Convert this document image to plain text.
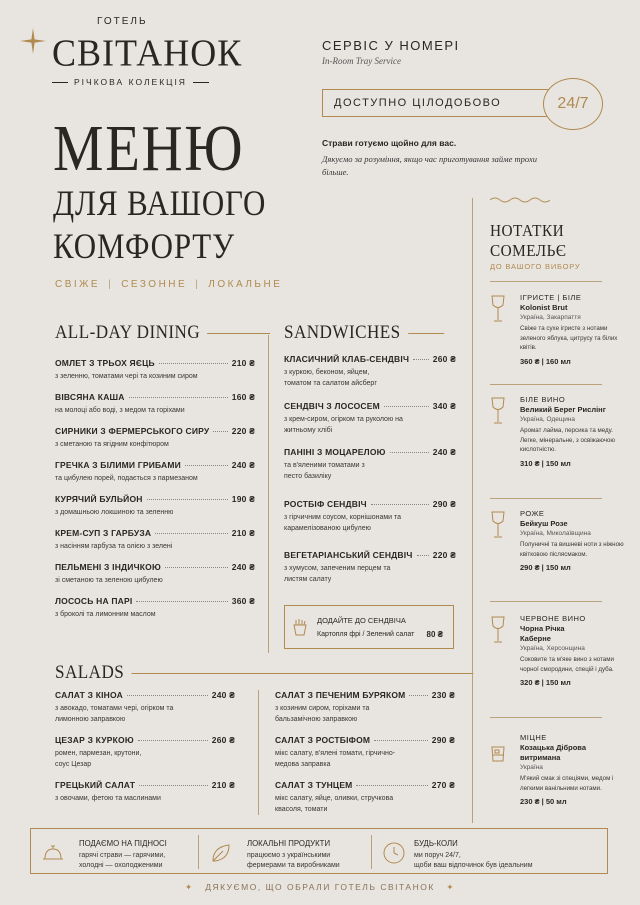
ГОТЕЛЬ
СВІТАНОК
РІЧКОВА КОЛЕКЦІЯ
МЕНЮ
ДЛЯ ВАШОГО
КОМФОРТУ
СВІЖЕ | СЕЗОННЕ | ЛОКАЛЬНЕ
СЕРВІС У НОМЕРІ
In-Room Tray Service
ДОСТУПНО ЦІЛОДОБОВО	24/7
Страви готуємо щойно для вас.
Дякуємо за розуміння, якщо час приготування займе трохи більше.
ALL-DAY DINING
ОМЛЕТ З ТРЬОХ ЯЄЦЬ	210 ₴
з зеленню, томатами чері та козиним сиром
ВІВСЯНА КАША	160 ₴
на молоці або воді, з медом та горіхами
СИРНИКИ З ФЕРМЕРСЬКОГО СИРУ	220 ₴
з сметаною та ягідним конфітюром
ГРЕЧКА З БІЛИМИ ГРИБАМИ	240 ₴
та цибулею порей, подається з пармезаном
КУРЯЧИЙ БУЛЬЙОН	190 ₴
з домашньою локшиною та зеленню
КРЕМ-СУП З ГАРБУЗА	210 ₴
з насінням гарбуза та олією з зелені
ПЕЛЬМЕНІ З ІНДИЧКОЮ	240 ₴
зі сметаною та зеленою цибулею
ЛОСОСЬ НА ПАРІ	360 ₴
з броколі та лимонним маслом
SANDWICHES
КЛАСИЧНИЙ КЛАБ-СЕНДВІЧ	260 ₴
з куркою, беконом, яйцем, томатом та салатом айсберг
СЕНДВІЧ З ЛОСОСЕМ	340 ₴
з крем-сиром, огірком та руколою на житньому хлібі
ПАНІНІ З МОЦАРЕЛОЮ	240 ₴
та в'яленими томатами з песто базиліку
РОСТБІФ СЕНДВІЧ	290 ₴
з гірчичним соусом, корнішонами та карамелізованою цибулею
ВЕГЕТАРІАНСЬКИЙ СЕНДВІЧ 220 ₴
з хумусом, запеченим перцем та листям салату
ДОДАЙТЕ ДО СЕНДВІЧА
Картопля фрі / Зелений салат 80 ₴
SALADS
САЛАТ З КІНОА	240 ₴
з авокадо, томатами чері, огірком та лимонною заправкою
ЦЕЗАР З КУРКОЮ	260 ₴
ромен, пармезан, крутони, соус Цезар
ГРЕЦЬКИЙ САЛАТ	210 ₴
з овочами, фетою та маслинами
САЛАТ З ПЕЧЕНИМ БУРЯКОМ	230 ₴
з козиним сиром, горіхами та бальзамічною заправкою
САЛАТ З РОСТБІФОМ	290 ₴
мікс салату, в'ялені томати, гірчично-медова заправка
САЛАТ З ТУНЦЕМ	270 ₴
мікс салату, яйце, оливки, стручкова квасоля, томати
НОТАТКИ
СОМЕЛЬЄ
ДО ВАШОГО ВИБОРУ
ІГРИСТЕ | БІЛЕ
Kolonist Brut
Україна, Закарпаття
Свіже та сухе ігристе з нотами зеленого яблука, цитрусу та білих квітів.
360 ₴ | 160 мл
БІЛЕ ВИНО
Великий Берег Рислінг
Україна, Одещина
Аромат лайма, персика та меду. Легке, мінеральне, з освіжаючою кислотністю.
310 ₴ | 150 мл
РОЖЕ
Бейкуш Розе
Україна, Миколаївщина
Полуничні та вишневі ноти з ніжною квітковою післясмаком.
290 ₴ | 150 мл
ЧЕРВОНЕ ВИНО
Чорна Річка Каберне
Україна, Херсонщина
Соковите та м'яке вино з нотами чорної смородини, спецій і дуба.
320 ₴ | 150 мл
МІЦНЕ
Козацька Діброва витримана
Україна
М'який смак зі спеціями, медом і легкими ванільними нотами.
230 ₴ | 50 мл
ПОДАЄМО НА ПІДНОСІ
гарячі страви — гарячими,
холодні — охолодженими
ЛОКАЛЬНІ ПРОДУКТИ
працюємо з українськими
фермерами та виробниками
БУДЬ-КОЛИ
ми поруч 24/7,
щоби ваш відпочинок був ідеальним
✦ ДЯКУЄМО, ЩО ОБРАЛИ ГОТЕЛЬ СВІТАНОК ✦
